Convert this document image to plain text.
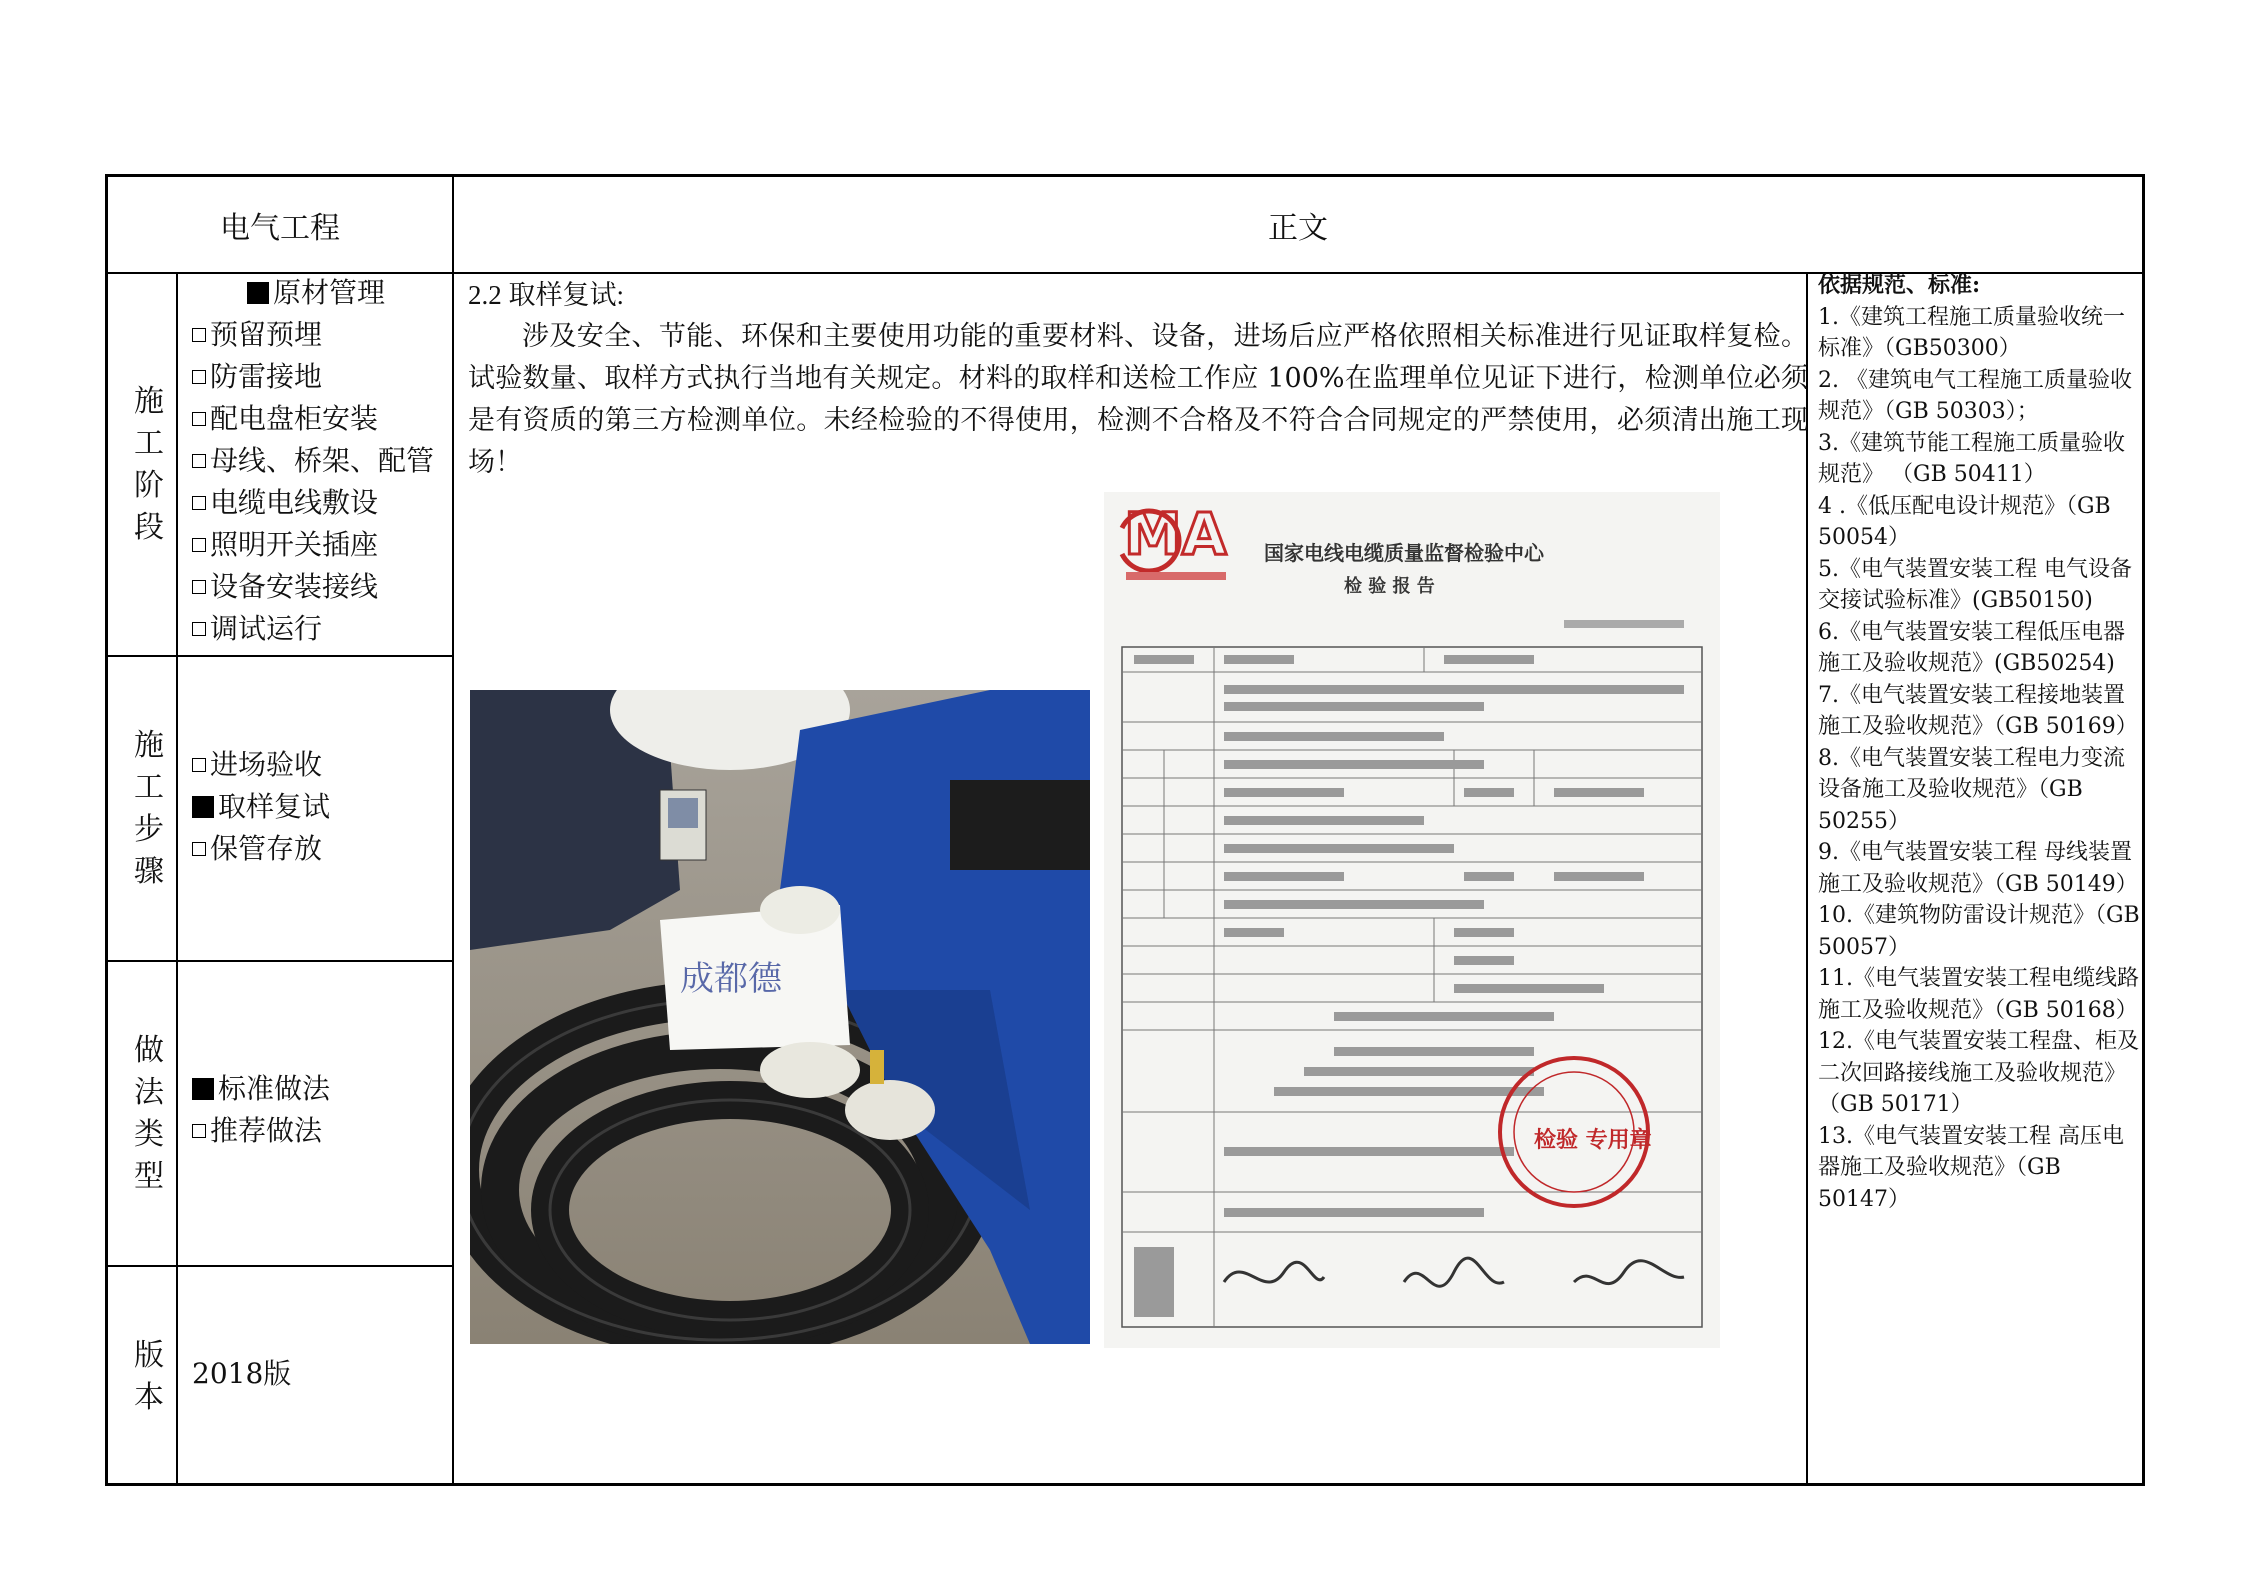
电气工程	正文
施工阶段
施工步骤
做法类型
版本
原材管理
预留预埋
防雷接地
配电盘柜安装
母线、桥架、配管
电缆电线敷设
照明开关插座
设备安装接线
调试运行
进场验收
取样复试
保管存放
标准做法
推荐做法
2018版
2.2 取样复试:

涉及安全、节能、环保和主要使用功能的重要材料、设备，进场后应严格依照相关标准进行见证取样复检。试验数量、取样方式执行当地有关规定。材料的取样和送检工作应 100%在监理单位见证下进行，检测单位必须是有资质的第三方检测单位。未经检验的不得使用，检测不合格及不符合合同规定的严禁使用，必须清出施工现场！

依据规范、标准:
1.《建筑工程施工质量验收统一标准》（GB50300）
2. 《建筑电气工程施工质量验收规范》（GB 50303）；
3.《建筑节能工程施工质量验收规范》 （GB 50411）
4 .《低压配电设计规范》（GB 50054）
5.《电气装置安装工程 电气设备交接试验标准》(GB50150)
6.《电气装置安装工程低压电器施工及验收规范》(GB50254)
7.《电气装置安装工程接地装置施工及验收规范》（GB 50169）
8.《电气装置安装工程电力变流设备施工及验收规范》（GB 50255）
9.《电气装置安装工程 母线装置施工及验收规范》（GB 50149）
10.《建筑物防雷设计规范》（GB 50057）
11.《电气装置安装工程电缆线路施工及验收规范》（GB 50168）
12.《电气装置安装工程盘、柜及二次回路接线施工及验收规范》（GB 50171）
13.《电气装置安装工程 高压电器施工及验收规范》（GB 50147）
成都德
MA 国家电线电缆质量监督检验中心
检 验 报 告
检验 专用章
